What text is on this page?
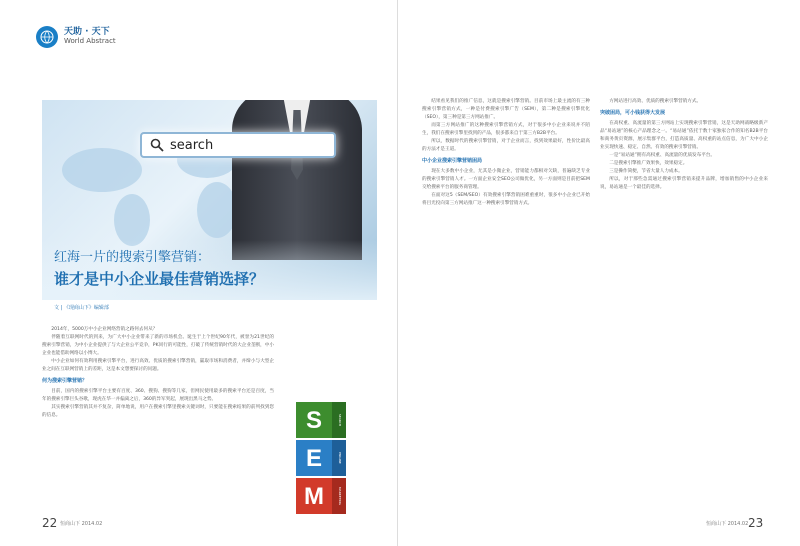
天助 · 天下
World Abstract
search
红海一片的搜索引擎营销：
谁才是中小企业最佳营销选择？
文 | 《现商山下》编辑部

2014年，5000万中小企业网络营销之路何去何从？

伴随着互联网时代的到来，为广大中小企业带来了新的市场机会。诞生于上个世纪90年代，被誉为21世纪的搜索引擎营销，为中小企业提供了与大企业公平竞争，PK同行的可能性，打破了传统营销时代的大企业垄断，中小企业也能借助网络以小博大。

中小企业如何有效利用搜索引擎平台，进行高效、优质的搜索引擎营销，赢取市场和消费者，并缔小与大型企业之间在互联网营销上的差距，这是本文想要探讨的问题。

何为搜索引擎营销？

目前，国内的搜索引擎平台主要有百度、360、搜狗、搜狗等几家，但网民使用最多的搜索平台还是百度，当年的搜索引擎巨头谷歌，现虎在华一并偏离之后，360的异军突起，展现出黑马之势。

其实搜索引擎营销其并不复杂，简单地说，用户在搜索引擎里搜索关键词时，只要能在搜索结果的前列找到您的信息。	S
E
M
SEARCH
ENGINE
MARKETING
22 恒商山下 2014.02

结果看见我们的推广信息，这就是搜索引擎营销。目前市场上最主流的有三种搜索引擎营销方式，一种是付费搜索引擎广告（SEM），第二种是搜索引擎优化（SEO），第三种是第三方网站推广。

而第三方网站推广的这种搜索引擎营销方式，对于很多中小企业来说并不陌生，我们在搜索引擎里找到的产品，很多都来自于第三方B2B平台。

所以，数据时代的搜索引擎营销，对于企业而言，找到效果最好，性价比最高的方法才是王道。

中小企业搜索引擎营销困局

现在大多数中小企业，尤其是小微企业，营销能力都相对欠缺，普遍缺乏专业的搜索引擎营销人才。一方面企业安全SEO公司做优化，另一方面则是目前把SEM交给搜索平台的服务商管理。

在面对这5（SEM/SEO）有效搜索引擎营销困难重重时，很多中小企业已开始将目光投向第三方网站推广这一种搜索引擎营销方式。

方网站进行高效、优质的搜索引擎营销方式。

突破困局，可小钱获得大发展

在高权重、高流量的第三方网站上实现搜索引擎营销，这是天助网战略级新产品“易站通”的核心产品理念之一。“易站通”依托于数十家独家合作的知名B2B平台和商务黄页资源，展示集群平台，打造高质量、高权重的站点信息，为广大中小企业实现快速、稳定、自然、有效的搜索引擎营销。

一是“易站通”拥有高权重、高流量的优质发布平台。

二是搜索引擎推广效果快，效果稳定。

三是操作简便，节省大量人力成本。

所以，对于那些急需通过搜索引擎营销来提升品牌，增加销售的中小企业来说，易站通是一个最佳的选择。

恒商山下 2014.02 23
